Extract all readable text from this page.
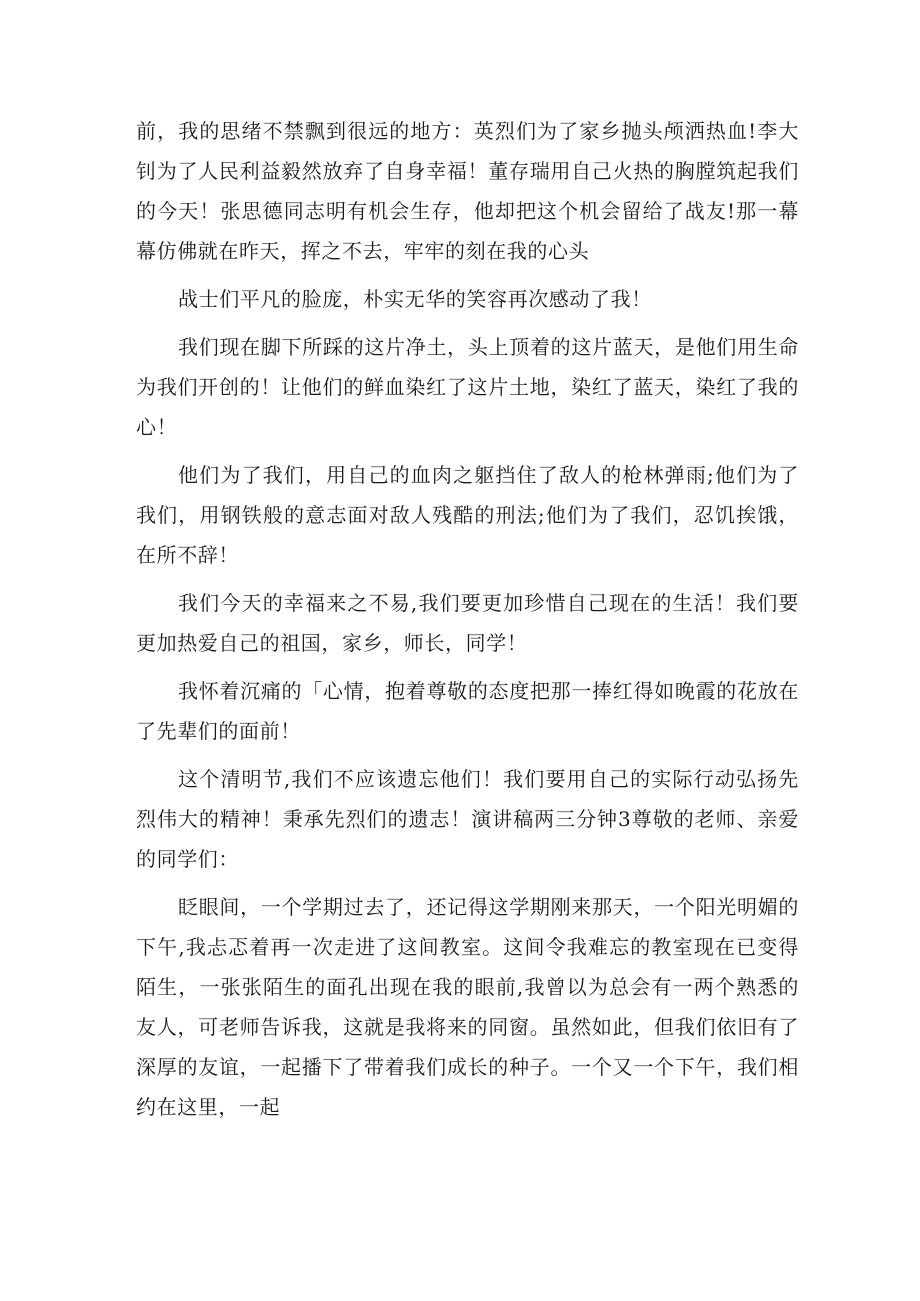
前，我的思绪不禁飘到很远的地方：英烈们为了家乡抛头颅洒热血!李大钊为了人民利益毅然放弃了自身幸福！董存瑞用自己火热的胸膛筑起我们的今天！张思德同志明有机会生存，他却把这个机会留给了战友!那一幕幕仿佛就在昨天，挥之不去，牢牢的刻在我的心头

战士们平凡的脸庞，朴实无华的笑容再次感动了我！

我们现在脚下所踩的这片净土，头上顶着的这片蓝天，是他们用生命为我们开创的！让他们的鲜血染红了这片土地，染红了蓝天，染红了我的心！

他们为了我们，用自己的血肉之躯挡住了敌人的枪林弹雨;他们为了我们，用钢铁般的意志面对敌人残酷的刑法;他们为了我们，忍饥挨饿，在所不辞！

我们今天的幸福来之不易,我们要更加珍惜自己现在的生活！我们要更加热爱自己的祖国，家乡，师长，同学！

我怀着沉痛的「心情，抱着尊敬的态度把那一捧红得如晚霞的花放在了先辈们的面前！

这个清明节,我们不应该遗忘他们！我们要用自己的实际行动弘扬先烈伟大的精神！秉承先烈们的遗志！演讲稿两三分钟3尊敬的老师、亲爱的同学们：

眨眼间，一个学期过去了，还记得这学期刚来那天，一个阳光明媚的下午,我忐忑着再一次走进了这间教室。这间令我难忘的教室现在已变得陌生，一张张陌生的面孔出现在我的眼前,我曾以为总会有一两个熟悉的友人，可老师告诉我，这就是我将来的同窗。虽然如此，但我们依旧有了深厚的友谊，一起播下了带着我们成长的种子。一个又一个下午，我们相约在这里，一起
